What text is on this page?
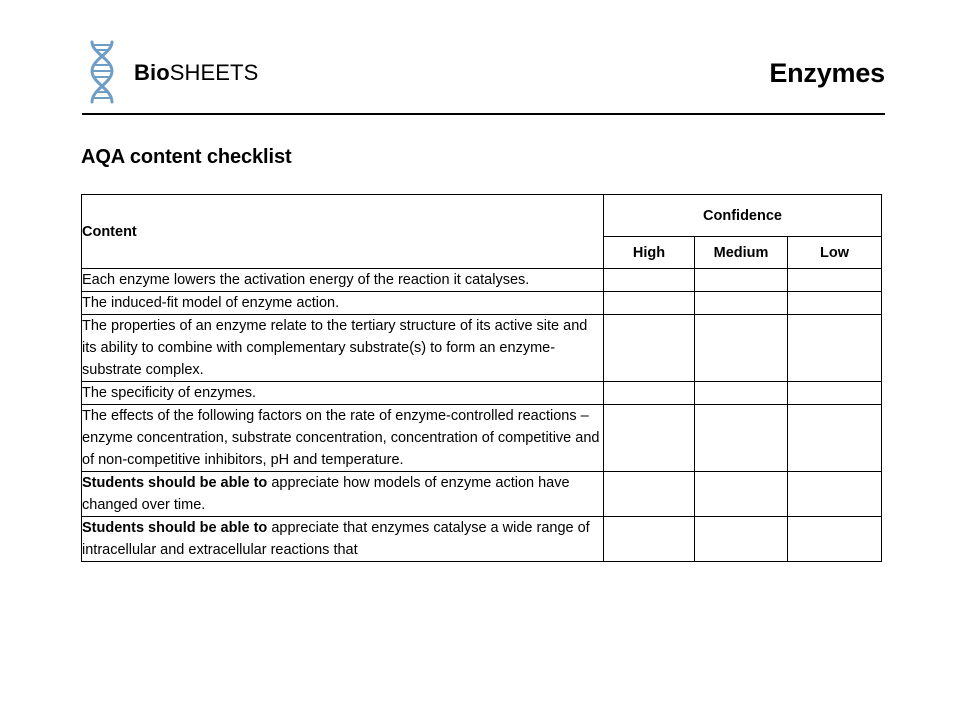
BioSHEETS	Enzymes
AQA content checklist
Content	Confidence		
	High	Medium	Low
Each enzyme lowers the activation energy of the reaction it catalyses.			
The induced-fit model of enzyme action.			
The properties of an enzyme relate to the tertiary structure of its active site and its ability to combine with complementary substrate(s) to form an enzyme-substrate complex.			
The specificity of enzymes.			
The effects of the following factors on the rate of enzyme-controlled reactions – enzyme concentration, substrate concentration, concentration of competitive and of non-competitive inhibitors, pH and temperature.			
Students should be able to appreciate how models of enzyme action have changed over time.			
Students should be able to appreciate that enzymes catalyse a wide range of intracellular and extracellular reactions that			
